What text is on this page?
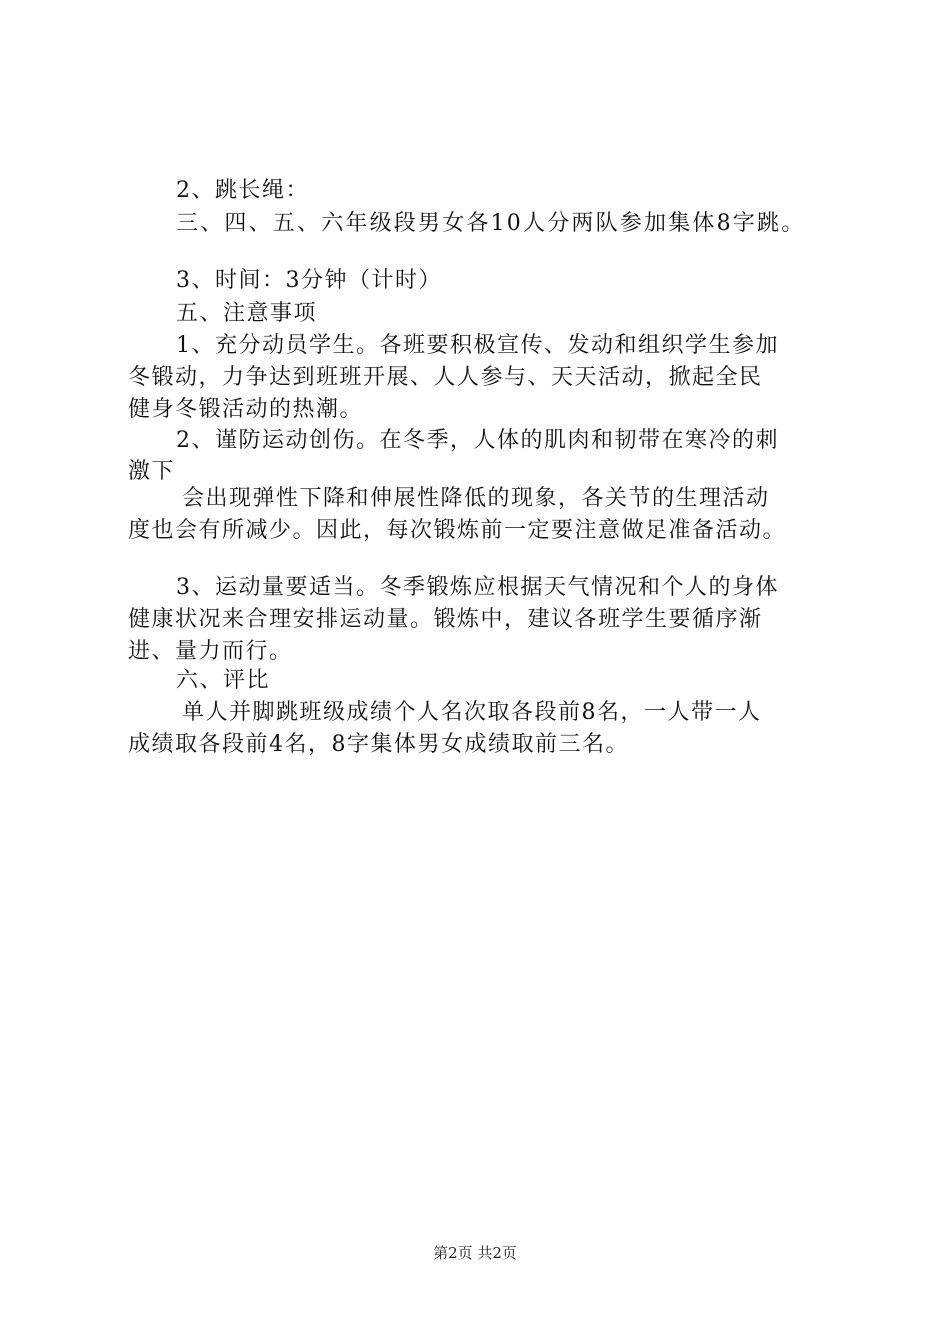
2、跳长绳：
三、四、五、六年级段男女各10人分两队参加集体8字跳。
3、时间：3分钟（计时）
五、注意事项
1、充分动员学生。各班要积极宣传、发动和组织学生参加
冬锻动，力争达到班班开展、人人参与、天天活动，掀起全民
健身冬锻活动的热潮。
2、谨防运动创伤。在冬季，人体的肌肉和韧带在寒冷的刺
激下
会出现弹性下降和伸展性降低的现象，各关节的生理活动
度也会有所减少。因此，每次锻炼前一定要注意做足准备活动。
3、运动量要适当。冬季锻炼应根据天气情况和个人的身体
健康状况来合理安排运动量。锻炼中，建议各班学生要循序渐
进、量力而行。
六、评比
单人并脚跳班级成绩个人名次取各段前8名，一人带一人
成绩取各段前4名，8字集体男女成绩取前三名。
第2页 共2页
